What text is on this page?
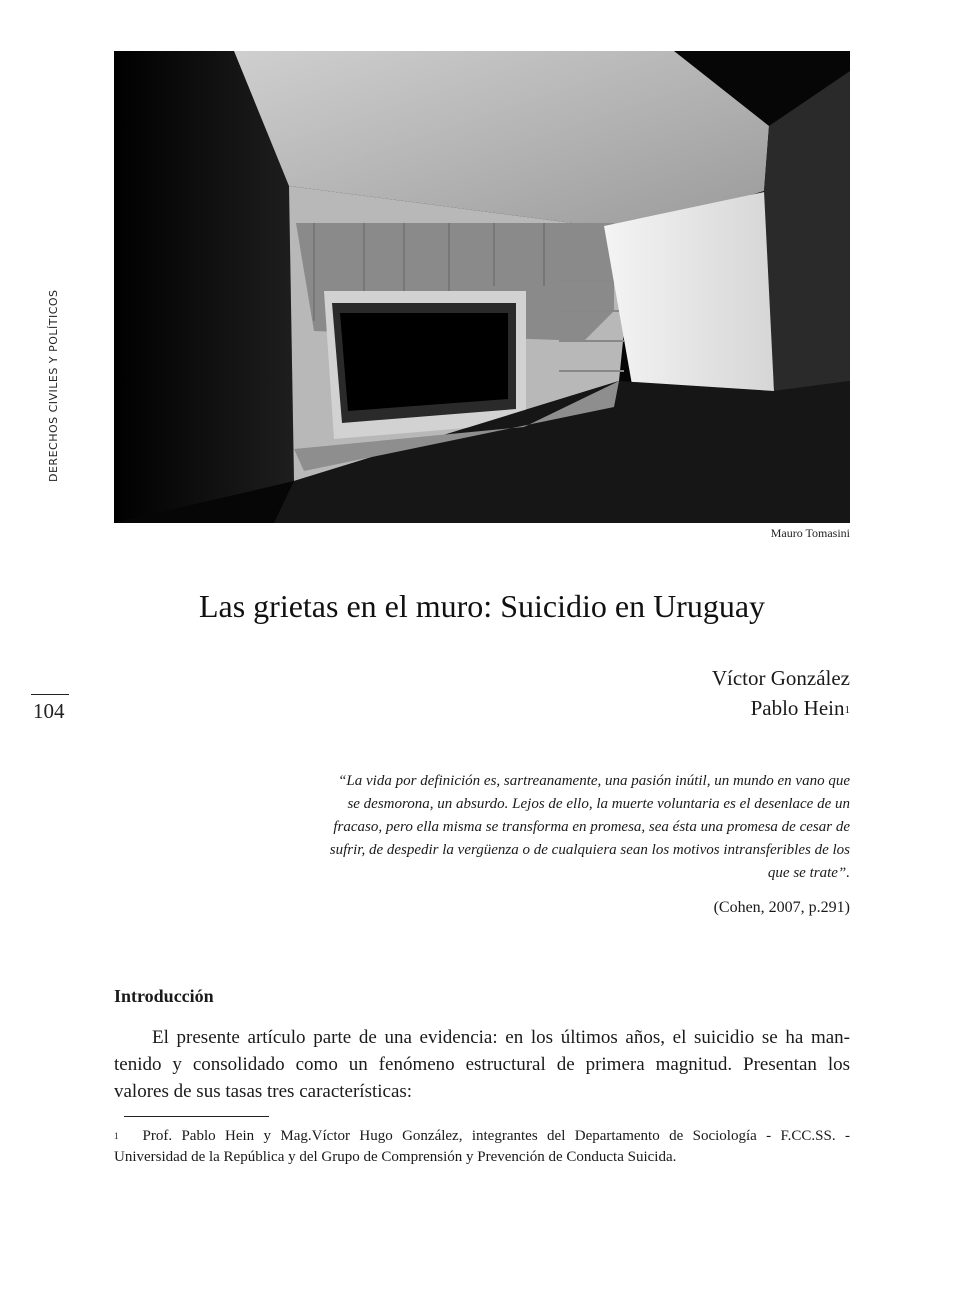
DERECHOS CIVILES Y POLÍTICOS
104
Mauro Tomasini
Las grietas en el muro: Suicidio en Uruguay
Víctor González
Pablo Hein$^1$
“La vida por definición es, sartreanamente, una pasión inútil, un mundo en vano que
se desmorona, un absurdo. Lejos de ello, la muerte voluntaria es el desenlace de un
fracaso, pero ella misma se transforma en promesa, sea ésta una promesa de cesar de
sufrir, de despedir la vergüenza o de cualquiera sean los motivos intransferibles de los
que se trate”.
(Cohen, 2007, p.291)
Introducción
El presente artículo parte de una evidencia: en los últimos años, el suicidio se ha man-
tenido y consolidado como un fenómeno estructural de primera magnitud. Presentan los
valores de sus tasas tres características:
$^1$ Prof. Pablo Hein y Mag.Víctor Hugo González, integrantes del Departamento de Sociología - F.CC.SS. -
Universidad de la República y del Grupo de Comprensión y Prevención de Conducta Suicida.
